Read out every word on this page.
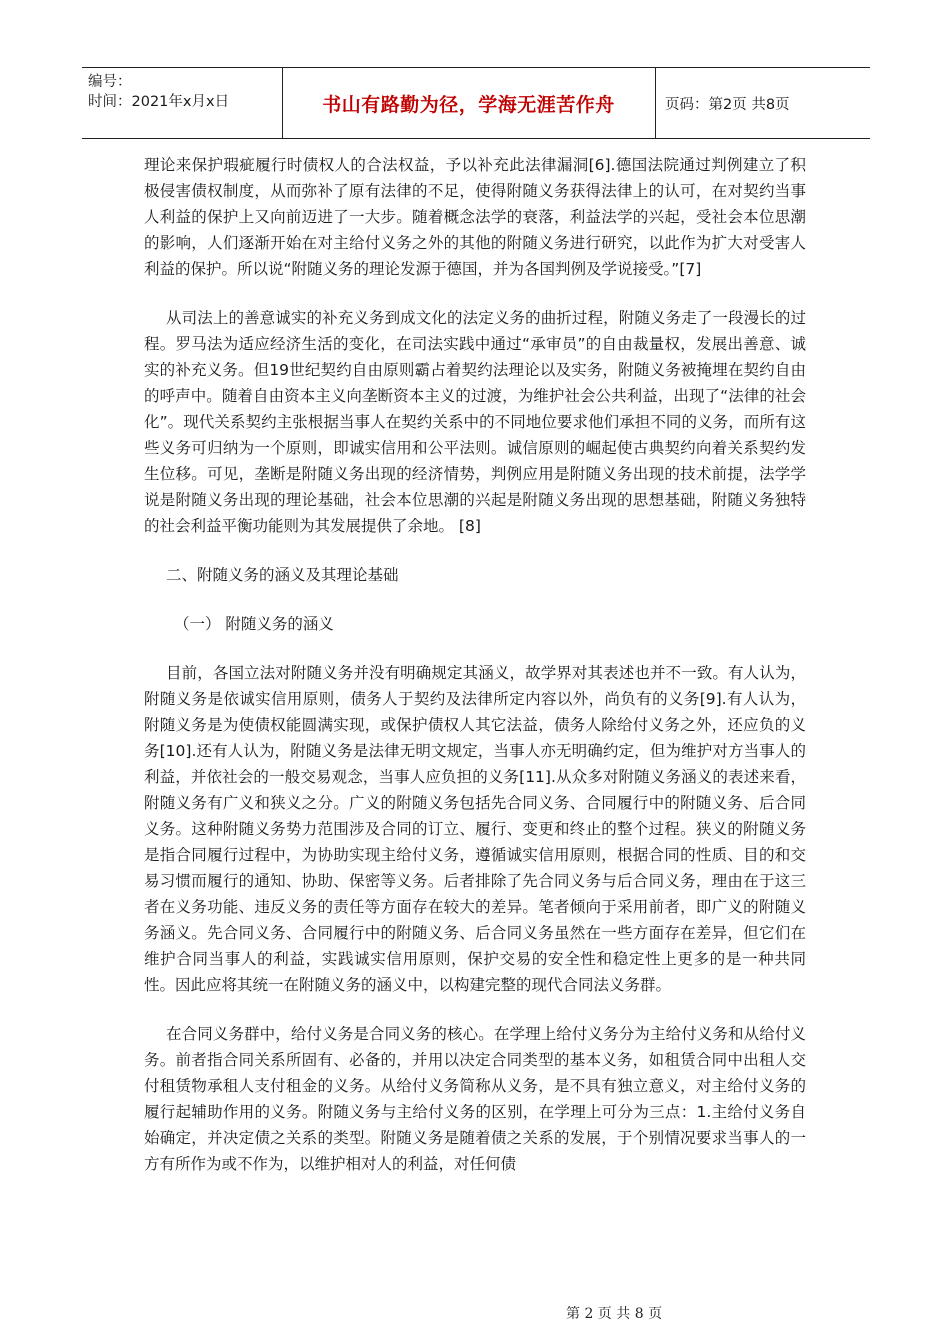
编号：
时间：2021年x月x日	书山有路勤为径，学海无涯苦作舟	页码：第2页 共8页

理论来保护瑕疵履行时债权人的合法权益，予以补充此法律漏洞[6].德国法院通过判例建立了积极侵害债权制度，从而弥补了原有法律的不足，使得附随义务获得法律上的认可，在对契约当事人利益的保护上又向前迈进了一大步。随着概念法学的衰落，利益法学的兴起，受社会本位思潮的影响，人们逐渐开始在对主给付义务之外的其他的附随义务进行研究，以此作为扩大对受害人利益的保护。所以说“附随义务的理论发源于德国，并为各国判例及学说接受。”[7]

从司法上的善意诚实的补充义务到成文化的法定义务的曲折过程，附随义务走了一段漫长的过程。罗马法为适应经济生活的变化，在司法实践中通过“承审员”的自由裁量权，发展出善意、诚实的补充义务。但19世纪契约自由原则霸占着契约法理论以及实务，附随义务被掩埋在契约自由的呼声中。随着自由资本主义向垄断资本主义的过渡，为维护社会公共利益，出现了“法律的社会化”。现代关系契约主张根据当事人在契约关系中的不同地位要求他们承担不同的义务，而所有这些义务可归纳为一个原则，即诚实信用和公平法则。诚信原则的崛起使古典契约向着关系契约发生位移。可见，垄断是附随义务出现的经济情势，判例应用是附随义务出现的技术前提，法学学说是附随义务出现的理论基础，社会本位思潮的兴起是附随义务出现的思想基础，附随义务独特的社会利益平衡功能则为其发展提供了余地。 [8]

二、附随义务的涵义及其理论基础

（一） 附随义务的涵义

目前，各国立法对附随义务并没有明确规定其涵义，故学界对其表述也并不一致。有人认为，附随义务是依诚实信用原则，债务人于契约及法律所定内容以外，尚负有的义务[9].有人认为，附随义务是为使债权能圆满实现，或保护债权人其它法益，债务人除给付义务之外，还应负的义务[10].还有人认为，附随义务是法律无明文规定，当事人亦无明确约定，但为维护对方当事人的利益，并依社会的一般交易观念，当事人应负担的义务[11].从众多对附随义务涵义的表述来看，附随义务有广义和狭义之分。广义的附随义务包括先合同义务、合同履行中的附随义务、后合同义务。这种附随义务势力范围涉及合同的订立、履行、变更和终止的整个过程。狭义的附随义务是指合同履行过程中，为协助实现主给付义务，遵循诚实信用原则，根据合同的性质、目的和交易习惯而履行的通知、协助、保密等义务。后者排除了先合同义务与后合同义务，理由在于这三者在义务功能、违反义务的责任等方面存在较大的差异。笔者倾向于采用前者，即广义的附随义务涵义。先合同义务、合同履行中的附随义务、后合同义务虽然在一些方面存在差异，但它们在维护合同当事人的利益，实践诚实信用原则，保护交易的安全性和稳定性上更多的是一种共同性。因此应将其统一在附随义务的涵义中，以构建完整的现代合同法义务群。

在合同义务群中，给付义务是合同义务的核心。在学理上给付义务分为主给付义务和从给付义务。前者指合同关系所固有、必备的，并用以决定合同类型的基本义务，如租赁合同中出租人交付租赁物承租人支付租金的义务。从给付义务简称从义务，是不具有独立意义，对主给付义务的履行起辅助作用的义务。附随义务与主给付义务的区别，在学理上可分为三点：1.主给付义务自始确定，并决定债之关系的类型。附随义务是随着债之关系的发展，于个别情况要求当事人的一方有所作为或不作为，以维护相对人的利益，对任何债

第 2 页 共 8 页
